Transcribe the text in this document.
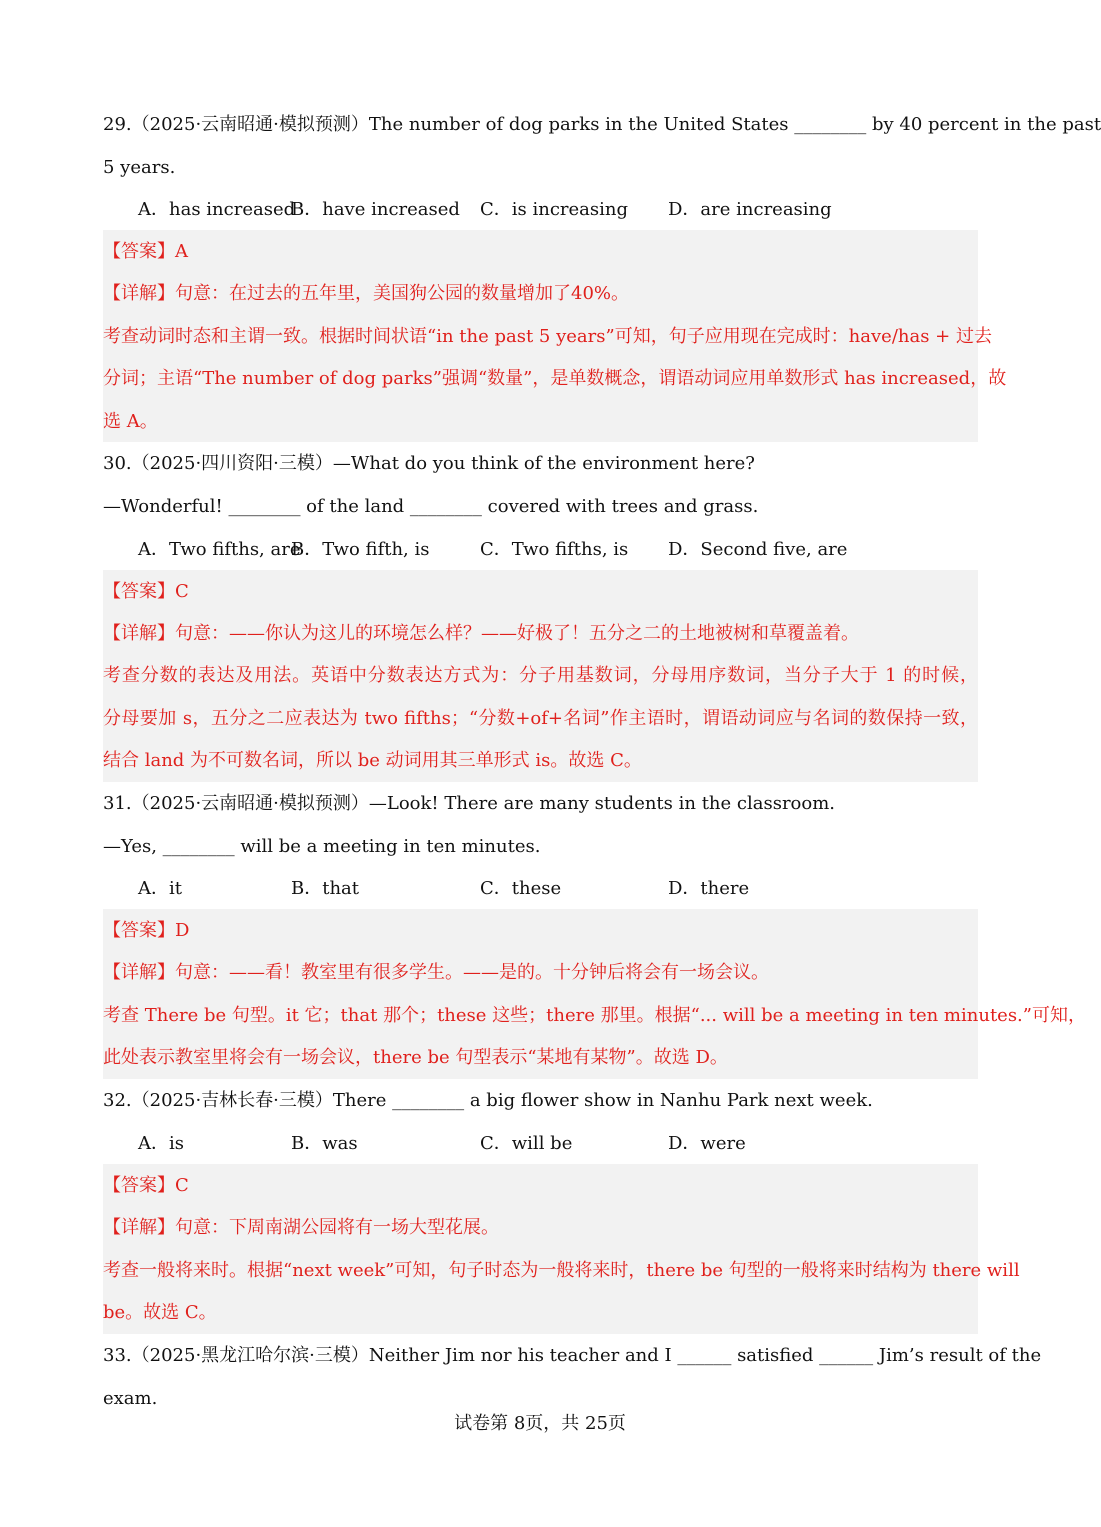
29.（2025·云南昭通·模拟预测）The number of dog parks in the United States ________ by 40 percent in the past
5 years.
A．has increased
B．have increased C．is increasing D．are increasing
【答案】A
【详解】句意：在过去的五年里，美国狗公园的数量增加了40%。
考查动词时态和主谓一致。根据时间状语“in the past 5 years”可知，句子应用现在完成时：have/has + 过去
分词；主语“The number of dog parks”强调“数量”，是单数概念，谓语动词应用单数形式 has increased，故
选 A。
30.（2025·四川资阳·三模）—What do you think of the environment here?
—Wonderful! ________ of the land ________ covered with trees and grass.
A．Two fifths, are
B．Two fifth, is	C．Two fifths, is D．Second five, are
【答案】C
【详解】句意：——你认为这儿的环境怎么样？——好极了！五分之二的土地被树和草覆盖着。
考查分数的表达及用法。英语中分数表达方式为：分子用基数词，分母用序数词，当分子大于 1 的时候，
分母要加 s，五分之二应表达为 two fifths；“分数+of+名词”作主语时，谓语动词应与名词的数保持一致，
结合 land 为不可数名词，所以 be 动词用其三单形式 is。故选 C。
31.（2025·云南昭通·模拟预测）—Look! There are many students in the classroom.
—Yes, ________ will be a meeting in ten minutes.
A．it	B．that	C．these	D．there
【答案】D
【详解】句意：——看！教室里有很多学生。——是的。十分钟后将会有一场会议。
考查 There be 句型。it 它；that 那个；these 这些；there 那里。根据“... will be a meeting in ten minutes.”可知，
此处表示教室里将会有一场会议，there be 句型表示“某地有某物”。故选 D。
32.（2025·吉林长春·三模）There ________ a big flower show in Nanhu Park next week.
A．is	B．was	C．will be	D．were
【答案】C
【详解】句意：下周南湖公园将有一场大型花展。
考查一般将来时。根据“next week”可知，句子时态为一般将来时，there be 句型的一般将来时结构为 there will
be。故选 C。
33.（2025·黑龙江哈尔滨·三模）Neither Jim nor his teacher and I ______ satisfied ______ Jim’s result of the
exam.
试卷第 8页，共 25页
